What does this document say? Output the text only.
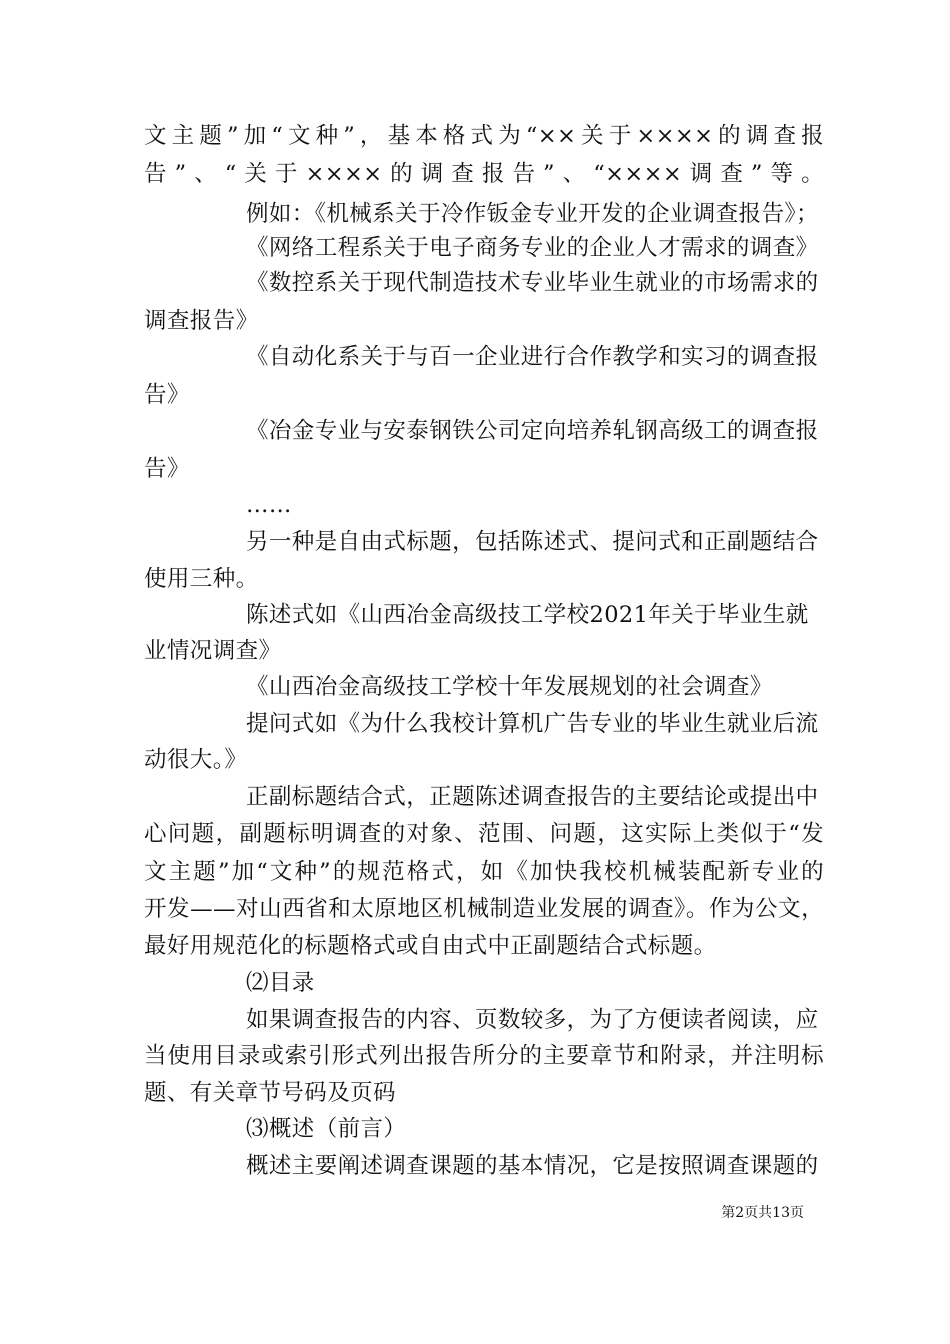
文主题”加“文种”，基本格式为“××关于××××的调查报
告”、“关于××××的调查报告”、“××××调查”等。
例如：《机械系关于冷作钣金专业开发的企业调查报告》；
《网络工程系关于电子商务专业的企业人才需求的调查》
《数控系关于现代制造技术专业毕业生就业的市场需求的
调查报告》
《自动化系关于与百一企业进行合作教学和实习的调查报
告》
《冶金专业与安泰钢铁公司定向培养轧钢高级工的调查报
告》
……
另一种是自由式标题，包括陈述式、提问式和正副题结合
使用三种。
陈述式如《山西冶金高级技工学校2021年关于毕业生就
业情况调查》
《山西冶金高级技工学校十年发展规划的社会调查》
提问式如《为什么我校计算机广告专业的毕业生就业后流
动很大。》
正副标题结合式，正题陈述调查报告的主要结论或提出中
心问题，副题标明调查的对象、范围、问题，这实际上类似于“发
文主题”加“文种”的规范格式，如《加快我校机械装配新专业的
开发——对山西省和太原地区机械制造业发展的调查》。作为公文，
最好用规范化的标题格式或自由式中正副题结合式标题。
⑵目录
如果调查报告的内容、页数较多，为了方便读者阅读，应
当使用目录或索引形式列出报告所分的主要章节和附录，并注明标
题、有关章节号码及页码
⑶概述（前言）
概述主要阐述调查课题的基本情况，它是按照调查课题的
第2页共13页
